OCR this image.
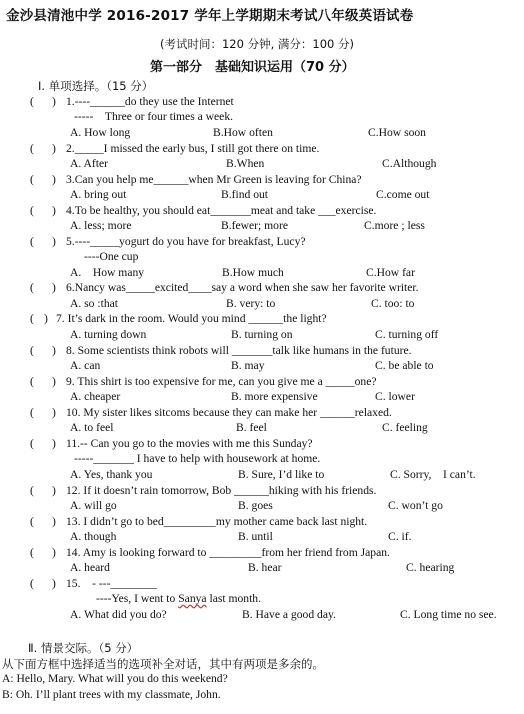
金沙县清池中学 2016-2017 学年上学期期末考试八年级英语试卷
(考试时间：120 分钟, 满分：100 分)
第一部分　基础知识运用（70 分）
Ⅰ. 单项选择。（15 分）
( ) 1.----______do they use the Internet
-----　Three or four times a week.
A. How long	B.How often	C.How soon
( ) 2._____I missed the early bus, I still got there on time.
A. After	B.When	C.Although
( ) 3.Can you help me______when Mr Green is leaving for China?
A. bring out	B.find out	C.come out
( ) 4.To be healthy, you should eat_______meat and take ___exercise.
A. less; more	B.fewer; more	C.more ; less
( ) 5.----_____yogurt do you have for breakfast, Lucy?
----One cup
A.　How many	B.How much	C.How far
( ) 6.Nancy was_____excited____say a word when she saw her favorite writer.
A. so :that	B. very: to	C. too: to
( ) 7. It’s dark in the room. Would you mind ______the light?
A. turning down	B. turning on	C. turning off
( ) 8. Some scientists think robots will _______talk like humans in the future.
A. can	B. may	C. be able to
( ) 9. This shirt is too expensive for me, can you give me a _____one?
A. cheaper	B. more expensive	C. lower
( ) 10. My sister likes sitcoms because they can make her ______relaxed.
A. to feel	B. feel	C. feeling
( ) 11.-- Can you go to the movies with me this Sunday?
-----_______ I have to help with housework at home.
A. Yes, thank you	B. Sure, I’d like to	C. Sorry,　I can’t.
( ) 12. If it doesn’t rain tomorrow, Bob ______hiking with his friends.
A. will go	B. goes	C. won’t go
( ) 13. I didn’t go to bed_________my mother came back last night.
A. though	B. until	C. if.
( ) 14. Amy is looking forward to _________from her friend from Japan.
A. heard	B. hear	C. hearing
( ) 15.　- ---________
----Yes, I went to Sanya last month.
A. What did you do?	B. Have a good day.	C. Long time no see.
Ⅱ. 情景交际。（5 分）
从下面方框中选择适当的选项补全对话，其中有两项是多余的。
A: Hello, Mary. What will you do this weekend?
B: Oh. I’ll plant trees with my classmate, John.
